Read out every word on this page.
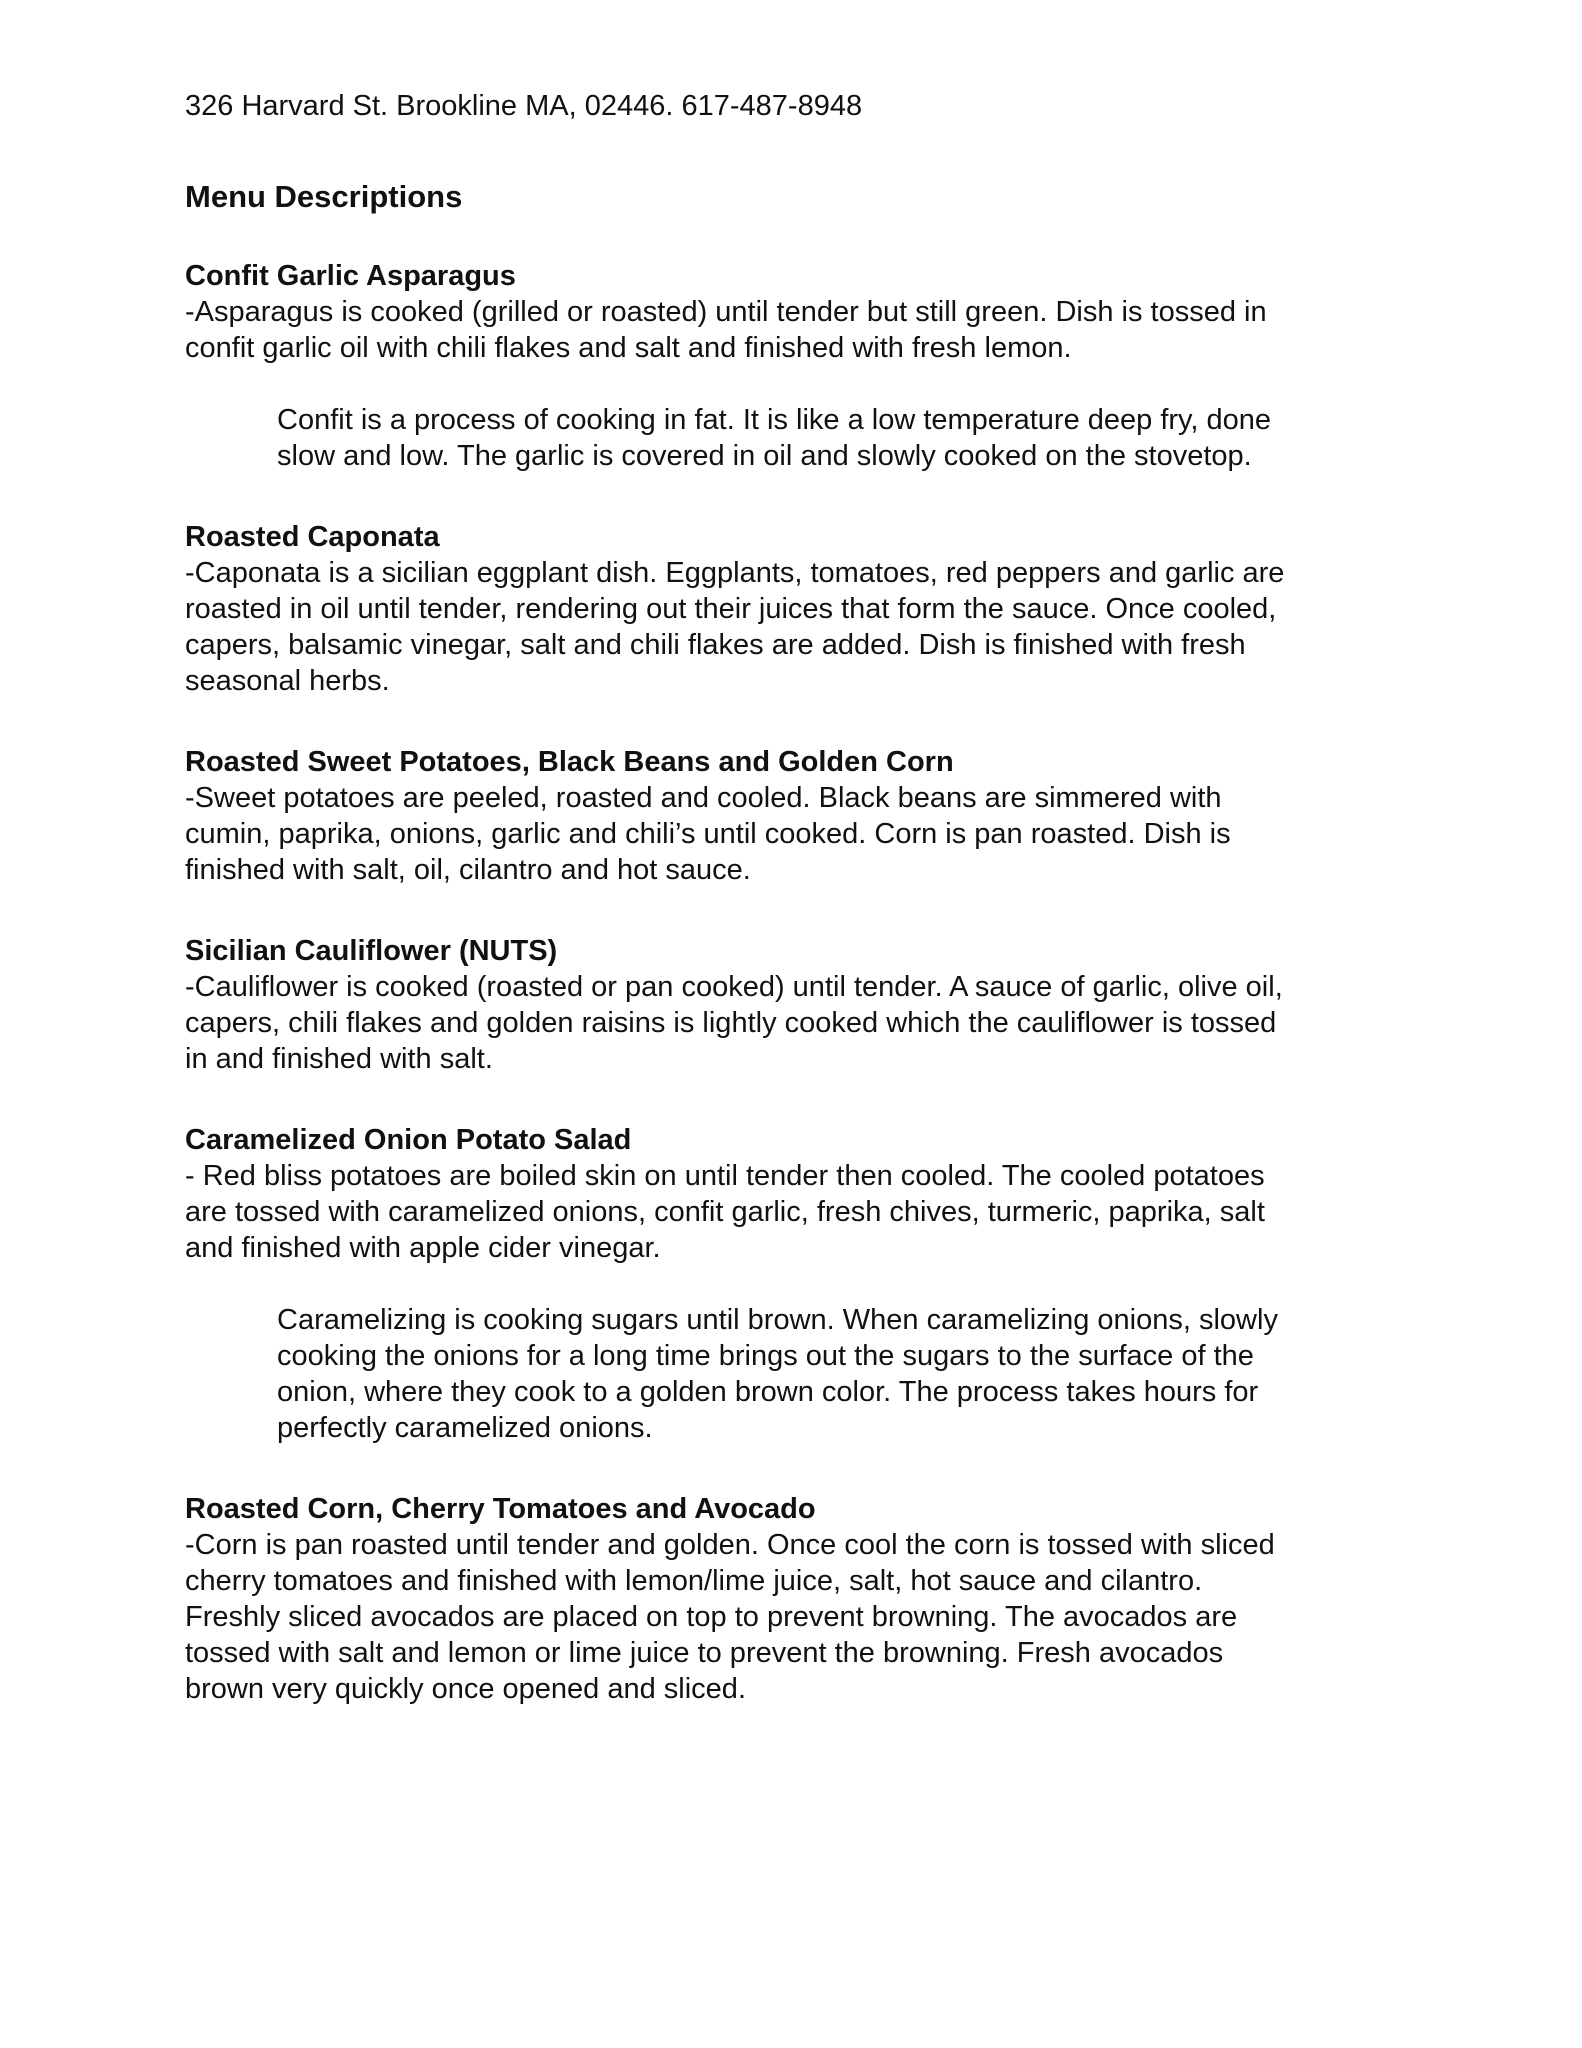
326 Harvard St. Brookline MA, 02446. 617-487-8948

Menu Descriptions

Confit Garlic Asparagus

-Asparagus is cooked (grilled or roasted) until tender but still green. Dish is tossed in
confit garlic oil with chili flakes and salt and finished with fresh lemon.
Confit is a process of cooking in fat. It is like a low temperature deep fry, done
slow and low. The garlic is covered in oil and slowly cooked on the stovetop.

Roasted Caponata

-Caponata is a sicilian eggplant dish. Eggplants, tomatoes, red peppers and garlic are
roasted in oil until tender, rendering out their juices that form the sauce. Once cooled,
capers, balsamic vinegar, salt and chili flakes are added. Dish is finished with fresh
seasonal herbs.

Roasted Sweet Potatoes, Black Beans and Golden Corn

-Sweet potatoes are peeled, roasted and cooled. Black beans are simmered with
cumin, paprika, onions, garlic and chili’s until cooked. Corn is pan roasted. Dish is
finished with salt, oil, cilantro and hot sauce.

Sicilian Cauliflower (NUTS)

-Cauliflower is cooked (roasted or pan cooked) until tender. A sauce of garlic, olive oil,
capers, chili flakes and golden raisins is lightly cooked which the cauliflower is tossed
in and finished with salt.

Caramelized Onion Potato Salad

- Red bliss potatoes are boiled skin on until tender then cooled. The cooled potatoes
are tossed with caramelized onions, confit garlic, fresh chives, turmeric, paprika, salt
and finished with apple cider vinegar.
Caramelizing is cooking sugars until brown. When caramelizing onions, slowly
cooking the onions for a long time brings out the sugars to the surface of the
onion, where they cook to a golden brown color. The process takes hours for
perfectly caramelized onions.

Roasted Corn, Cherry Tomatoes and Avocado

-Corn is pan roasted until tender and golden. Once cool the corn is tossed with sliced
cherry tomatoes and finished with lemon/lime juice, salt, hot sauce and cilantro.
Freshly sliced avocados are placed on top to prevent browning. The avocados are
tossed with salt and lemon or lime juice to prevent the browning. Fresh avocados
brown very quickly once opened and sliced.
